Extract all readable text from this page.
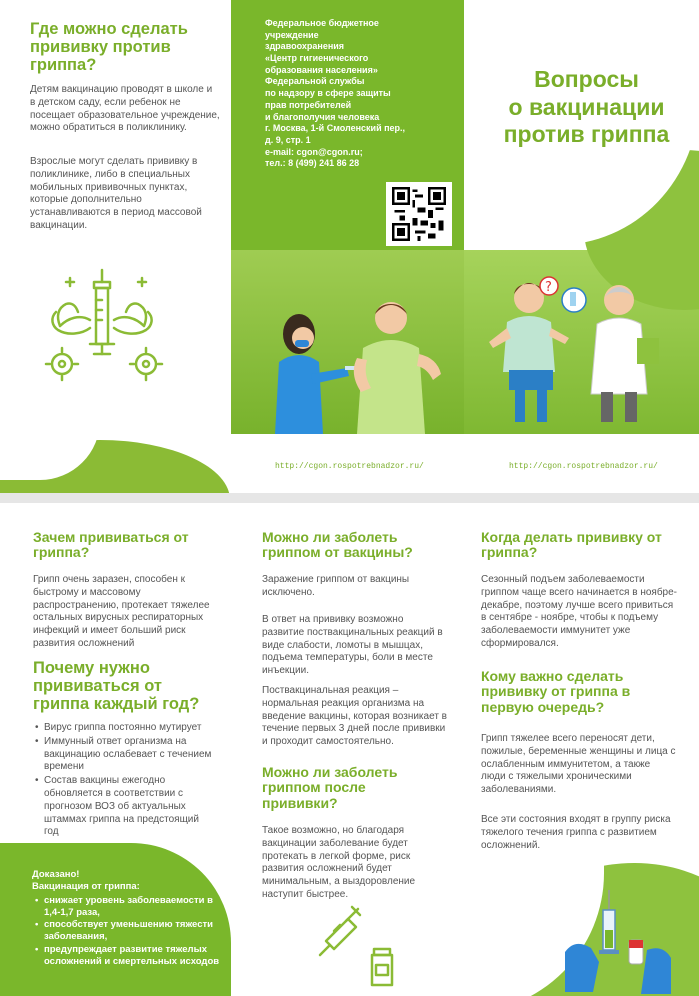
Где можно сделать прививку против гриппа?

Детям вакцинацию проводят в школе и в детском саду, если ребенок не посещает образовательное учреждение, можно обратиться в поликлинику.

Взрослые могут сделать прививку в поликлинике, либо в специальных мобильных прививочных пунктах, которые дополнительно устанавливаются в период массовой вакцинации.

http://cgon.rospotrebnadzor.ru/
Федеральное бюджетное
учреждение
здравоохранения
«Центр гигиенического
образования населения»
Федеральной службы
по надзору в сфере защиты
прав потребителей
и благополучия человека
г. Москва, 1-й Смоленский пер.,
д. 9, стр. 1
e-mail: cgon@cgon.ru;
тел.: 8 (499) 241 86 28
Вопросы
о вакцинации
против гриппа
?
http://cgon.rospotrebnadzor.ru/
Зачем прививаться от гриппа?

Грипп очень заразен, способен к быстрому и массовому распространению, протекает тяжелее остальных вирусных респираторных инфекций и имеет больший риск развития осложнений

Почему нужно прививаться от гриппа каждый год?
• Вирус гриппа постоянно мутирует
• Иммунный ответ организма на вакцинацию ослабевает с течением времени
• Состав вакцины ежегодно обновляется в соответствии с прогнозом ВОЗ об актуальных штаммах гриппа на предстоящий год
Доказано!
Вакцинация от гриппа:
• снижает уровень заболеваемости в 1,4-1,7 раза,
• способствует уменьшению тяжести заболевания,
• предупреждает развитие тяжелых осложнений и смертельных исходов
Можно ли заболеть гриппом от вакцины?

Заражение гриппом от вакцины исключено.

В ответ на прививку возможно развитие поствакцинальных реакций в виде слабости, ломоты в мышцах, подъема температуры, боли в месте инъекции.

Поствакцинальная реакция – нормальная реакция организма на введение вакцины, которая возникает в течение первых 3 дней после прививки и проходит самостоятельно.

Можно ли заболеть гриппом после прививки?

Такое возможно, но благодаря вакцинации заболевание будет протекать в легкой форме, риск развития осложнений будет минимальным, а выздоровление наступит быстрее.

Когда делать прививку от гриппа?

Сезонный подъем заболеваемости гриппом чаще всего начинается в ноябре-декабре, поэтому лучше всего привиться в сентябре - ноябре, чтобы к подъему заболеваемости иммунитет уже сформировался.

Кому важно сделать прививку от гриппа в первую очередь?

Грипп тяжелее всего переносят дети, пожилые, беременные женщины и лица с ослабленным иммунитетом, а также люди с тяжелыми хроническими заболеваниями.

Все эти состояния входят в группу риска тяжелого течения гриппа с развитием осложнений.
